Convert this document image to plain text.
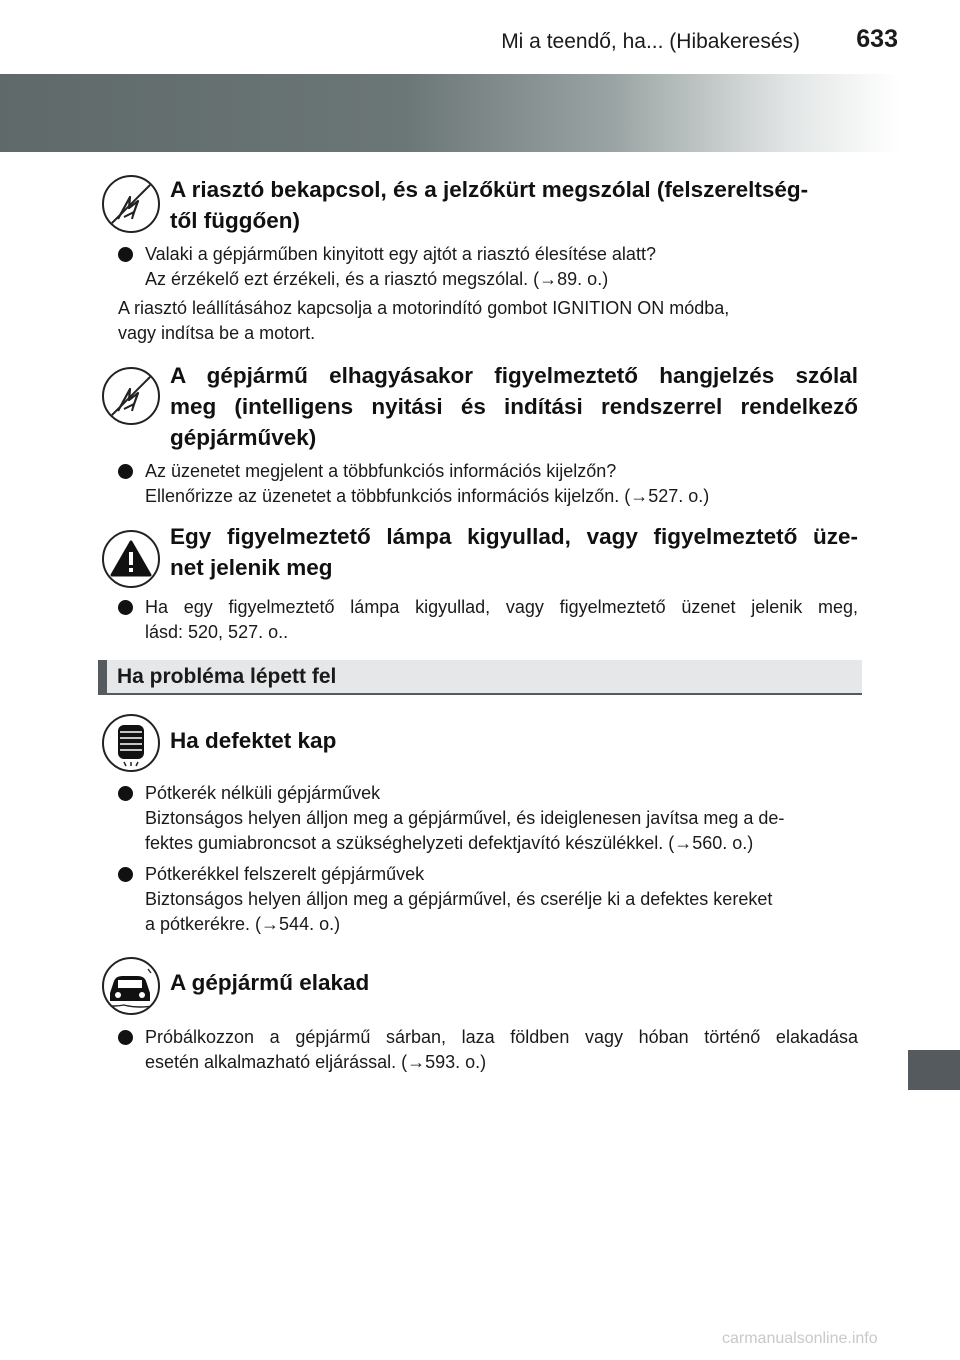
Mi a teendő, ha... (Hibakeresés) 633
A riasztó bekapcsol, és a jelzőkürt megszólal (felszereltség-
től függően)
Valaki a gépjárműben kinyitott egy ajtót a riasztó élesítése alatt?
Az érzékelő ezt érzékeli, és a riasztó megszólal. (→89. o.)
A riasztó leállításához kapcsolja a motorindító gombot IGNITION ON módba,
vagy indítsa be a motort.
A gépjármű elhagyásakor figyelmeztető hangjelzés szólal
meg (intelligens nyitási és indítási rendszerrel rendelkező
gépjárművek)
Az üzenetet megjelent a többfunkciós információs kijelzőn?
Ellenőrizze az üzenetet a többfunkciós információs kijelzőn. (→527. o.)
Egy figyelmeztető lámpa kigyullad, vagy figyelmeztető üze-
net jelenik meg
Ha egy figyelmeztető lámpa kigyullad, vagy figyelmeztető üzenet jelenik meg,
lásd: 520, 527. o..
Ha probléma lépett fel
Ha defektet kap
Pótkerék nélküli gépjárművek
Biztonságos helyen álljon meg a gépjárművel, és ideiglenesen javítsa meg a de-
fektes gumiabroncsot a szükséghelyzeti defektjavító készülékkel. (→560. o.)
Pótkerékkel felszerelt gépjárművek
Biztonságos helyen álljon meg a gépjárművel, és cserélje ki a defektes kereket
a pótkerékre. (→544. o.)
A gépjármű elakad
Próbálkozzon a gépjármű sárban, laza földben vagy hóban történő elakadása
esetén alkalmazható eljárással. (→593. o.)
carmanualsonline.info
